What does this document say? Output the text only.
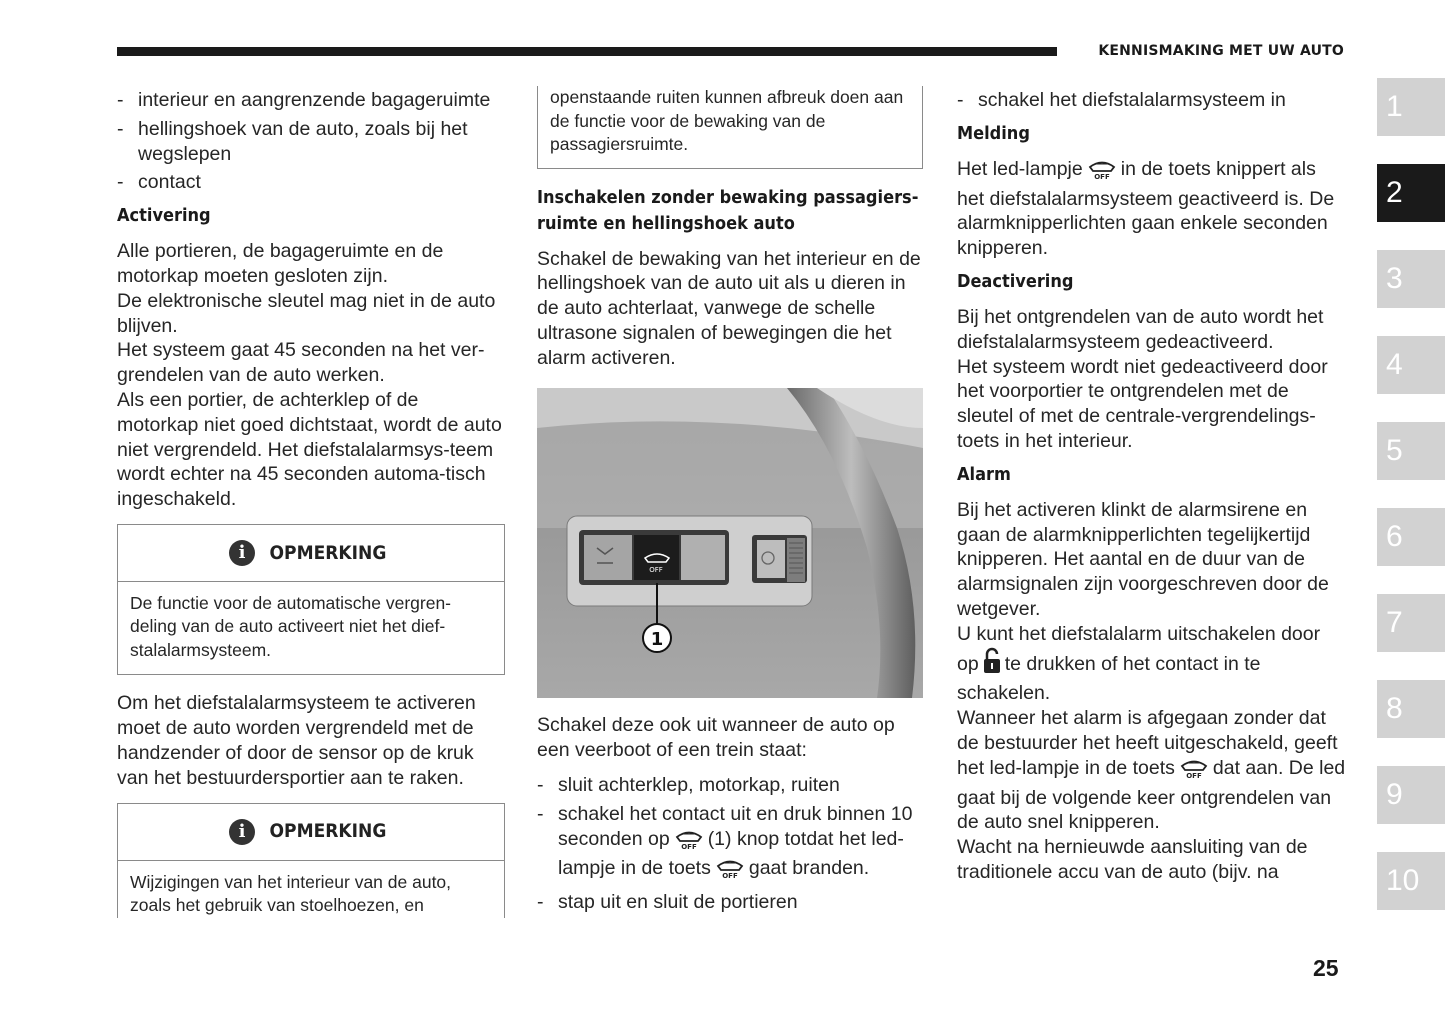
KENNISMAKING MET UW AUTO
- interieur en aangrenzende bagageruimte
- hellingshoek van de auto, zoals bij het wegslepen
- contact
Activering

Alle portieren, de bagageruimte en de motorkap moeten gesloten zijn.

De elektronische sleutel mag niet in de auto blijven.

Het systeem gaat 45 seconden na het ver-grendelen van de auto werken.

Als een portier, de achterklep of de motorkap niet goed dichtstaat, wordt de auto niet vergrendeld. Het diefstalalarmsys-teem wordt echter na 45 seconden automa-tisch ingeschakeld.

i	OPMERKING
De functie voor de automatische vergren-deling van de auto activeert niet het dief-stalalarmsysteem.

Om het diefstalalarmsysteem te activeren moet de auto worden vergrendeld met de handzender of door de sensor op de kruk van het bestuurdersportier aan te raken.

i	OPMERKING
Wijzigingen van het interieur van de auto, zoals het gebruik van stoelhoezen, en
openstaande ruiten kunnen afbreuk doen aan de functie voor de bewaking van de passagiersruimte.
Inschakelen zonder bewaking passagiers-ruimte en hellingshoek auto

Schakel de bewaking van het interieur en de hellingshoek van de auto uit als u dieren in de auto achterlaat, vanwege de schelle ultrasone signalen of bewegingen die het alarm activeren.

OFF
1

Schakel deze ook uit wanneer de auto op een veerboot of een trein staat:

- sluit achterklep, motorkap, ruiten
- schakel het contact uit en druk binnen 10 seconden op OFF (1) knop totdat het led-lampje in de toets OFF gaat branden.
- stap uit en sluit de portieren
- schakel het diefstalalarmsysteem in
Melding

Het led-lampje OFF in de toets knippert als het diefstalalarmsysteem geactiveerd is. De alarmknipperlichten gaan enkele seconden knipperen.

Deactivering

Bij het ontgrendelen van de auto wordt het diefstalalarmsysteem gedeactiveerd.

Het systeem wordt niet gedeactiveerd door het voorportier te ontgrendelen met de sleutel of met de centrale-vergrendelings-toets in het interieur.

Alarm

Bij het activeren klinkt de alarmsirene en gaan de alarmknipperlichten tegelijkertijd knipperen. Het aantal en de duur van de alarmsignalen zijn voorgeschreven door de wetgever.

U kunt het diefstalalarm uitschakelen door op te drukken of het contact in te schakelen.

Wanneer het alarm is afgegaan zonder dat de bestuurder het heeft uitgeschakeld, geeft het led-lampje in de toets OFF dat aan. De led gaat bij de volgende keer ontgrendelen van de auto snel knipperen.

Wacht na hernieuwde aansluiting van de traditionele accu van de auto (bijv. na

1
2
3
4
5
6
7
8
9
10
25
